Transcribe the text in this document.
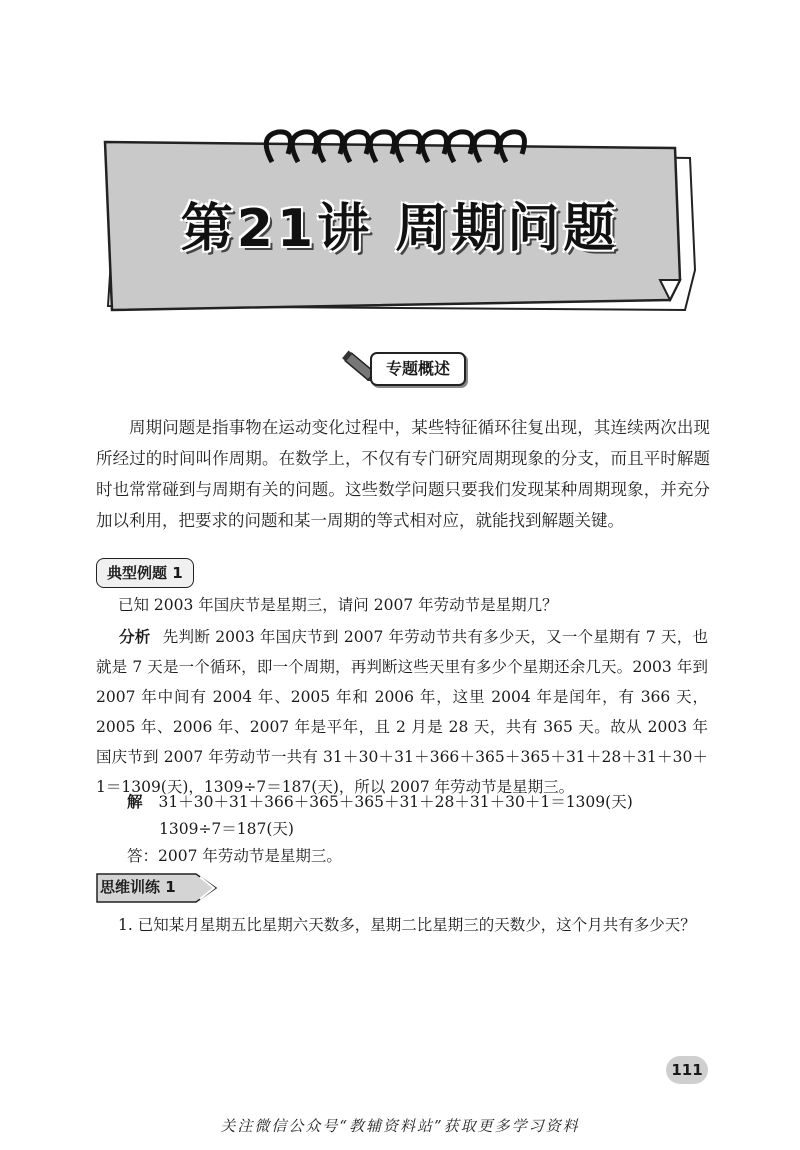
第21讲 周期问题
专题概述
周期问题是指事物在运动变化过程中，某些特征循环往复出现，其连续两次出现所经过的时间叫作周期。在数学上，不仅有专门研究周期现象的分支，而且平时解题时也常常碰到与周期有关的问题。这些数学问题只要我们发现某种周期现象，并充分加以利用，把要求的问题和某一周期的等式相对应，就能找到解题关键。
典型例题 1
已知 2003 年国庆节是星期三，请问 2007 年劳动节是星期几？
分析 先判断 2003 年国庆节到 2007 年劳动节共有多少天，又一个星期有 7 天，也就是 7 天是一个循环，即一个周期，再判断这些天里有多少个星期还余几天。2003 年到 2007 年中间有 2004 年、2005 年和 2006 年，这里 2004 年是闰年，有 366 天，2005 年、2006 年、2007 年是平年，且 2 月是 28 天，共有 365 天。故从 2003 年国庆节到 2007 年劳动节一共有 31＋30＋31＋366＋365＋365＋31＋28＋31＋30＋1＝1309(天)，1309÷7＝187(天)，所以 2007 年劳动节是星期三。
解 31＋30＋31＋366＋365＋365＋31＋28＋31＋30＋1＝1309(天)
1309÷7＝187(天)
答：2007 年劳动节是星期三。
思维训练 1
1. 已知某月星期五比星期六天数多，星期二比星期三的天数少，这个月共有多少天？
111
关注微信公众号“教辅资料站”获取更多学习资料
